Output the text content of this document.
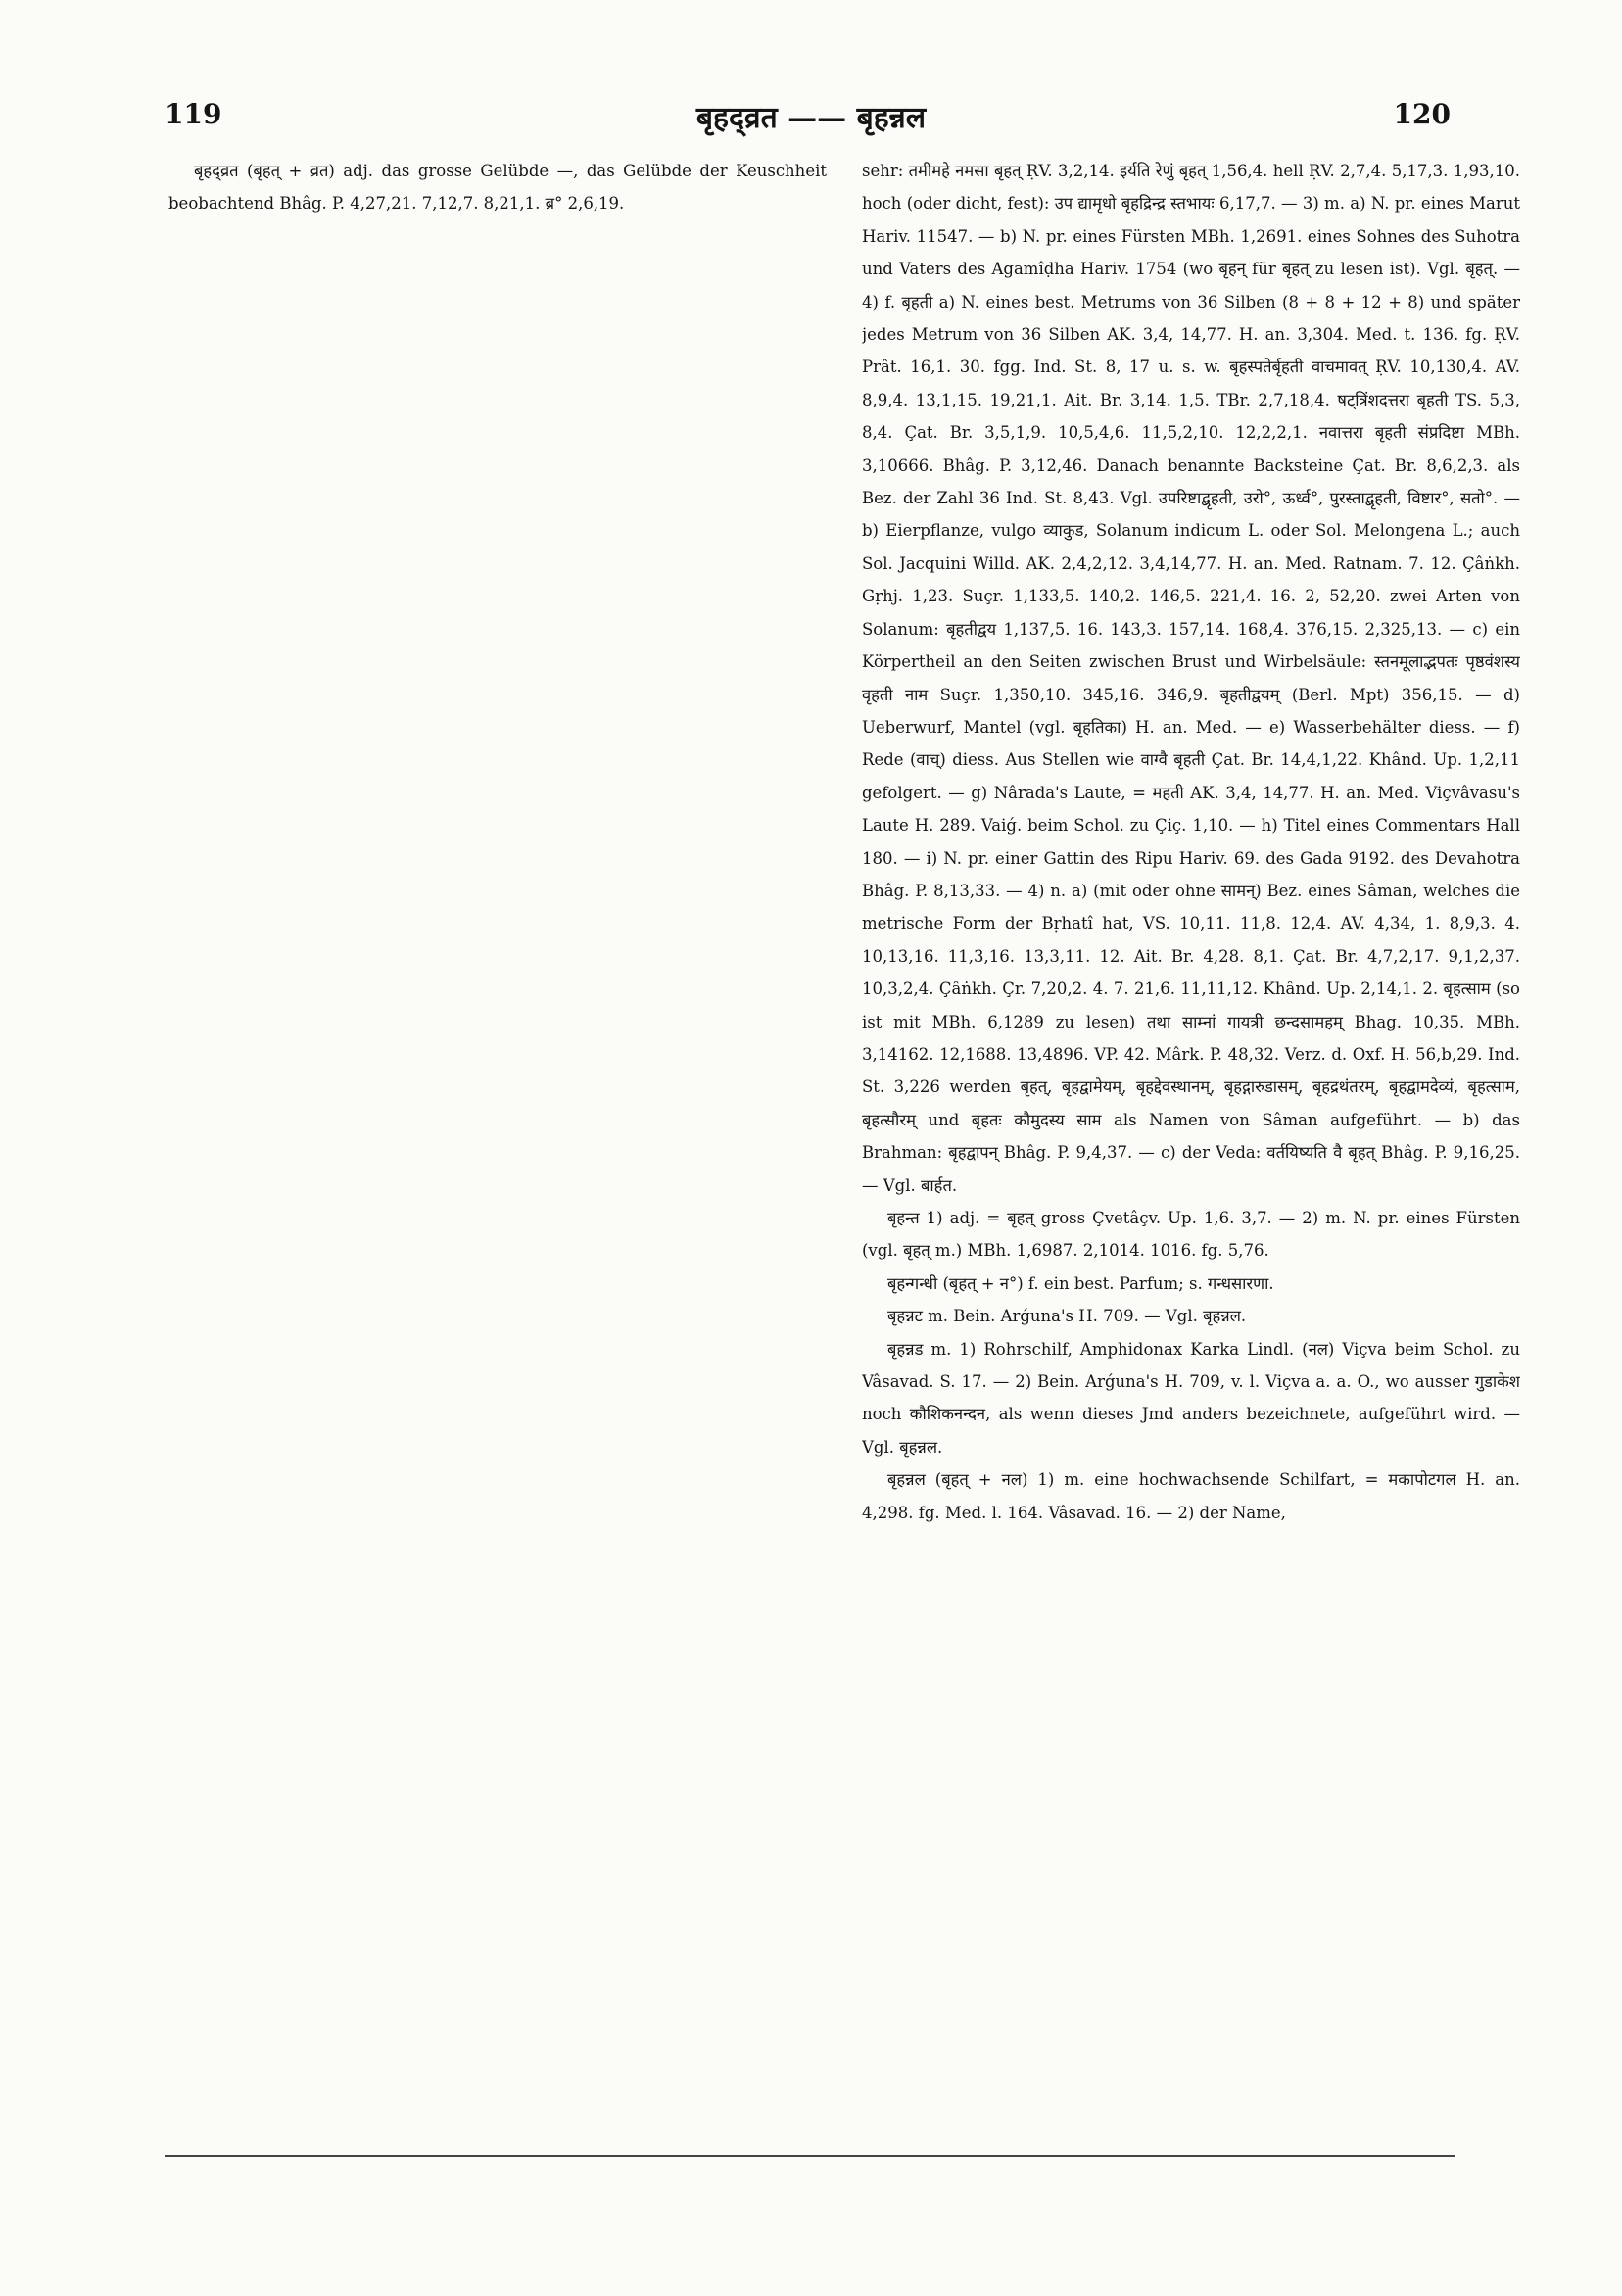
119	बृहद्व्रत —— बृहन्नल	120

बृहद्व्रत (बृहत् + व्रत) adj. das grosse Gelübde —, das Gelübde der Keuschheit beobachtend Bhâg. P. 4,27,21. 7,12,7. 8,21,1. ब्र° 2,6,19.

sehr: तमीमहे नमसा बृहत् ṚV. 3,2,14. इर्यति रेणुं बृहत् 1,56,4. hell ṚV. 2,7,4. 5,17,3. 1,93,10. hoch (oder dicht, fest): उप द्यामृधो बृहद्रिन्द्र स्तभायः 6,17,7. — 3) m. a) N. pr. eines Marut Hariv. 11547. — b) N. pr. eines Fürsten MBh. 1,2691. eines Sohnes des Suhotra und Vaters des Agamîḍha Hariv. 1754 (wo बृहन् für बृहत् zu lesen ist). Vgl. बृहत्. — 4) f. बृहती a) N. eines best. Metrums von 36 Silben (8 + 8 + 12 + 8) und später jedes Metrum von 36 Silben AK. 3,4, 14,77. H. an. 3,304. Med. t. 136. fg. ṚV. Prât. 16,1. 30. fgg. Ind. St. 8, 17 u. s. w. बृहस्पतेर्बृहती वाचमावत् ṚV. 10,130,4. AV. 8,9,4. 13,1,15. 19,21,1. Ait. Br. 3,14. 1,5. TBr. 2,7,18,4. षट्त्रिंशदत्तरा बृहती TS. 5,3, 8,4. Çat. Br. 3,5,1,9. 10,5,4,6. 11,5,2,10. 12,2,2,1. नवात्तरा बृहती संप्रदिष्टा MBh. 3,10666. Bhâg. P. 3,12,46. Danach benannte Backsteine Çat. Br. 8,6,2,3. als Bez. der Zahl 36 Ind. St. 8,43. Vgl. उपरिष्टाद्बृहती, उरो°, ऊर्ध्व°, पुरस्ताद्बृहती, विष्टार°, सतो°. — b) Eierpflanze, vulgo व्याकुड, Solanum indicum L. oder Sol. Melongena L.; auch Sol. Jacquini Willd. AK. 2,4,2,12. 3,4,14,77. H. an. Med. Ratnam. 7. 12. Çâṅkh. Gṛhj. 1,23. Suçr. 1,133,5. 140,2. 146,5. 221,4. 16. 2, 52,20. zwei Arten von Solanum: बृहतीद्वय 1,137,5. 16. 143,3. 157,14. 168,4. 376,15. 2,325,13. — c) ein Körpertheil an den Seiten zwischen Brust und Wirbelsäule: स्तनमूलाद्भपतः पृष्ठवंशस्य वृहती नाम Suçr. 1,350,10. 345,16. 346,9. बृहतीद्वयम् (Berl. Mpt) 356,15. — d) Ueberwurf, Mantel (vgl. बृहतिका) H. an. Med. — e) Wasserbehälter diess. — f) Rede (वाच्) diess. Aus Stellen wie वाग्वै बृहती Çat. Br. 14,4,1,22. Khând. Up. 1,2,11 gefolgert. — g) Nârada's Laute, = महती AK. 3,4, 14,77. H. an. Med. Viçvâvasu's Laute H. 289. Vaiǵ. beim Schol. zu Çiç. 1,10. — h) Titel eines Commentars Hall 180. — i) N. pr. einer Gattin des Ripu Hariv. 69. des Gada 9192. des Devahotra Bhâg. P. 8,13,33. — 4) n. a) (mit oder ohne सामन्) Bez. eines Sâman, welches die metrische Form der Bṛhatî hat, VS. 10,11. 11,8. 12,4. AV. 4,34, 1. 8,9,3. 4. 10,13,16. 11,3,16. 13,3,11. 12. Ait. Br. 4,28. 8,1. Çat. Br. 4,7,2,17. 9,1,2,37. 10,3,2,4. Çâṅkh. Çr. 7,20,2. 4. 7. 21,6. 11,11,12. Khând. Up. 2,14,1. 2. बृहत्साम (so ist mit MBh. 6,1289 zu lesen) तथा साम्नां गायत्री छन्दसामहम् Bhag. 10,35. MBh. 3,14162. 12,1688. 13,4896. VP. 42. Mârk. P. 48,32. Verz. d. Oxf. H. 56,b,29. Ind. St. 3,226 werden बृहत्, बृहद्वामेयम्, बृहद्देवस्थानम्, बृहद्गारुडासम्, बृहद्रथंतरम्, बृहद्वामदेव्यं, बृहत्साम, बृहत्सौरम् und बृहतः कौमुदस्य साम als Namen von Sâman aufgeführt. — b) das Brahman: बृहद्वापन् Bhâg. P. 9,4,37. — c) der Veda: वर्तयिष्यति वै बृहत् Bhâg. P. 9,16,25. — Vgl. बार्हत.

बृहन्त 1) adj. = बृहत् gross Çvetâçv. Up. 1,6. 3,7. — 2) m. N. pr. eines Fürsten (vgl. बृहत् m.) MBh. 1,6987. 2,1014. 1016. fg. 5,76.

बृहन्गन्धी (बृहत् + न°) f. ein best. Parfum; s. गन्धसारणा.

बृहन्नट m. Bein. Arǵuna's H. 709. — Vgl. बृहन्नल.

बृहन्नड m. 1) Rohrschilf, Amphidonax Karka Lindl. (नल) Viçva beim Schol. zu Vâsavad. S. 17. — 2) Bein. Arǵuna's H. 709, v. l. Viçva a. a. O., wo ausser गुडाकेश noch कौशिकनन्दन, als wenn dieses Jmd anders bezeichnete, aufgeführt wird. — Vgl. बृहन्नल.

बृहन्नल (बृहत् + नल) 1) m. eine hochwachsende Schilfart, = मकापोटगल H. an. 4,298. fg. Med. l. 164. Vâsavad. 16. — 2) der Name,
